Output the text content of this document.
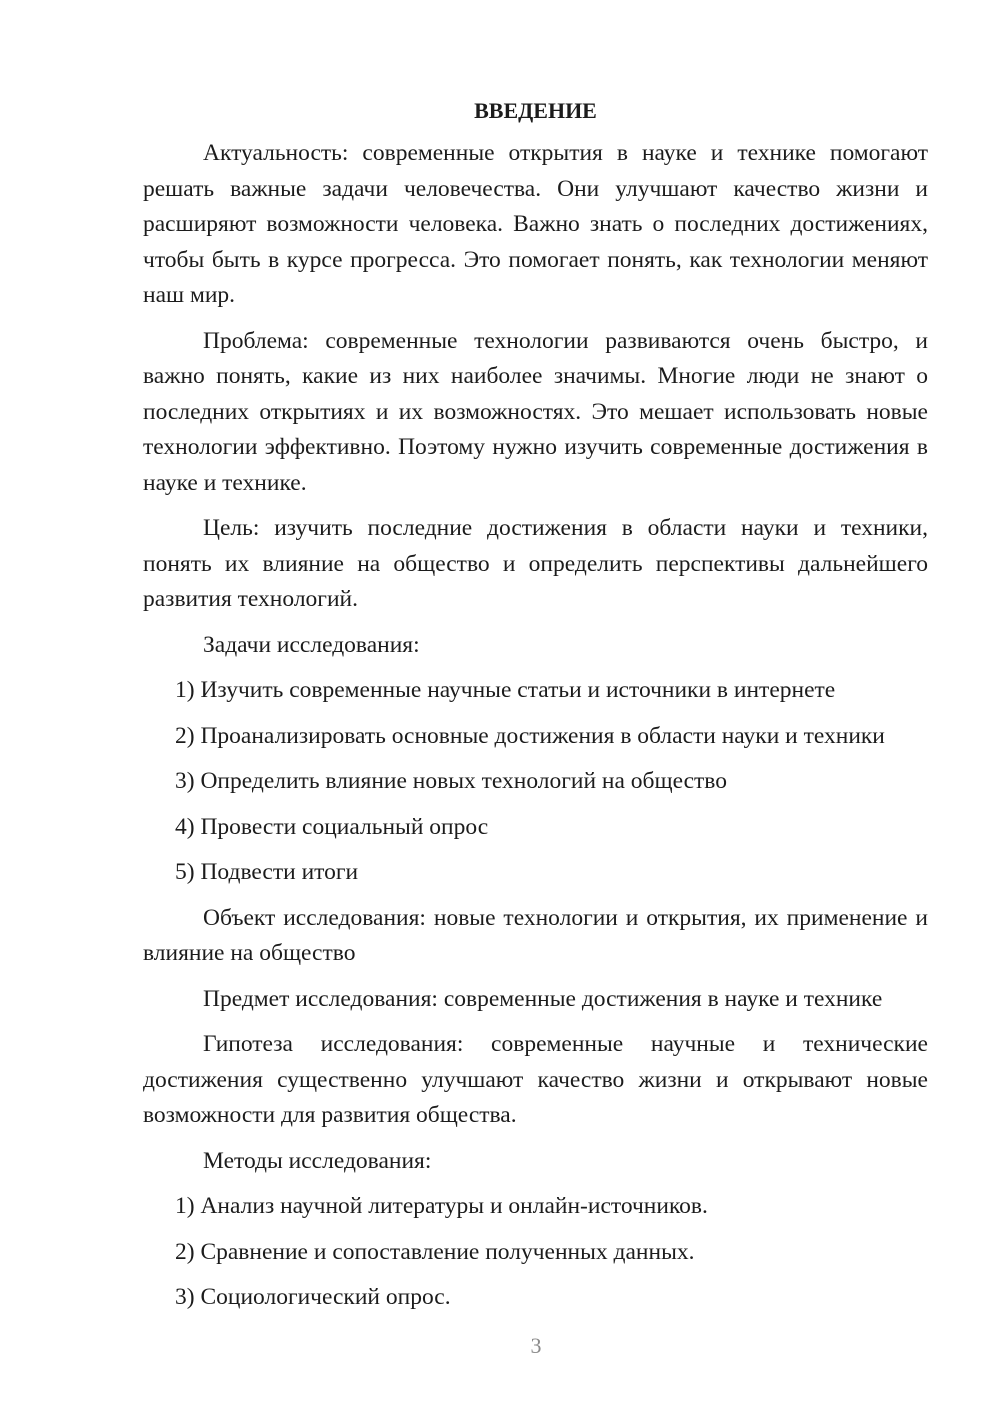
ВВЕДЕНИЕ

Актуальность: современные открытия в науке и технике помогают решать важные задачи человечества. Они улучшают качество жизни и расширяют возможности человека. Важно знать о последних достижениях, чтобы быть в курсе прогресса. Это помогает понять, как технологии меняют наш мир.

Проблема: современные технологии развиваются очень быстро, и важно понять, какие из них наиболее значимы. Многие люди не знают о последних открытиях и их возможностях. Это мешает использовать новые технологии эффективно. Поэтому нужно изучить современные достижения в науке и технике.

Цель: изучить последние достижения в области науки и техники, понять их влияние на общество и определить перспективы дальнейшего развития технологий.

Задачи исследования:

1) Изучить современные научные статьи и источники в интернете
2) Проанализировать основные достижения в области науки и техники
3) Определить влияние новых технологий на общество
4) Провести социальный опрос
5) Подвести итоги

Объект исследования: новые технологии и открытия, их применение и влияние на общество

Предмет исследования: современные достижения в науке и технике

Гипотеза исследования: современные научные и технические достижения существенно улучшают качество жизни и открывают новые возможности для развития общества.

Методы исследования:

1) Анализ научной литературы и онлайн-источников.
2) Сравнение и сопоставление полученных данных.
3) Социологический опрос.
3
